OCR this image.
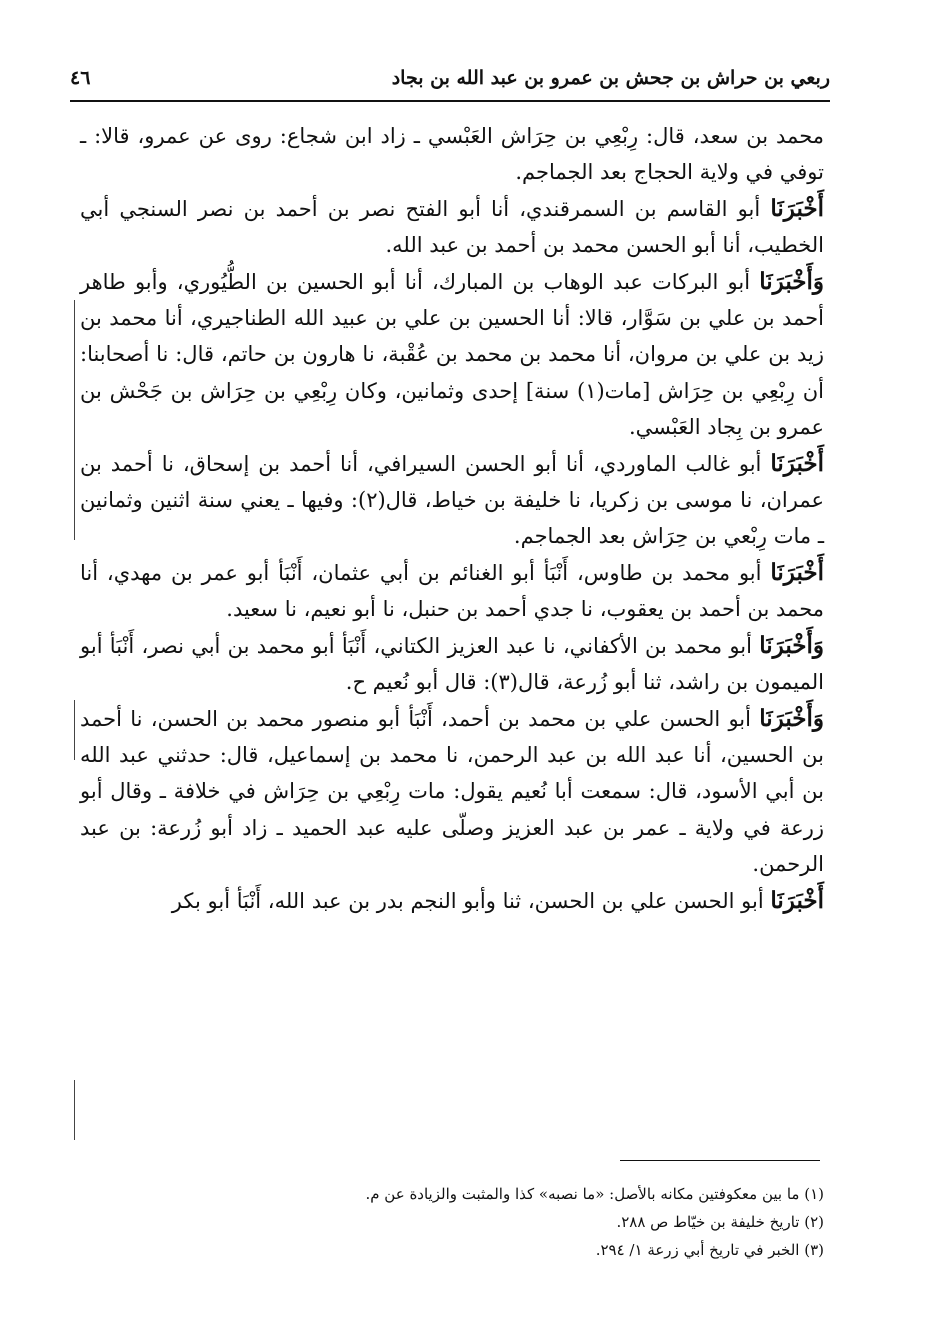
ربعي بن حراش بن جحش بن عمرو بن عبد الله بن بجاد
٤٦

محمد بن سعد، قال: رِبْعِي بن حِرَاش العَبْسي ـ زاد ابن شجاع: روى عن عمرو، قالا: ـ توفي في ولاية الحجاج بعد الجماجم.

أَخْبَرَنَا أبو القاسم بن السمرقندي، أنا أبو الفتح نصر بن أحمد بن نصر السنجي أبي الخطيب، أنا أبو الحسن محمد بن أحمد بن عبد الله.

وَأَخْبَرَنَا أبو البركات عبد الوهاب بن المبارك، أنا أبو الحسين بن الطُّيُوري، وأبو طاهر أحمد بن علي بن سَوَّار، قالا: أنا الحسين بن علي بن عبيد الله الطناجيري، أنا محمد بن زيد بن علي بن مروان، أنا محمد بن محمد بن عُقْبة، نا هارون بن حاتم، قال: نا أصحابنا: أن رِبْعِي بن حِرَاش [مات(١) سنة] إحدى وثمانين، وكان رِبْعِي بن حِرَاش بن جَحْش بن عمرو بن بِجاد العَبْسي.

أَخْبَرَنَا أبو غالب الماوردي، أنا أبو الحسن السيرافي، أنا أحمد بن إسحاق، نا أحمد بن عمران، نا موسى بن زكريا، نا خليفة بن خياط، قال(٢): وفيها ـ يعني سنة اثنين وثمانين ـ مات رِبْعي بن حِرَاش بعد الجماجم.

أَخْبَرَنَا أبو محمد بن طاوس، أَنْبَأ أبو الغنائم بن أبي عثمان، أَنْبَأ أبو عمر بن مهدي، أنا محمد بن أحمد بن يعقوب، نا جدي أحمد بن حنبل، نا أبو نعيم، نا سعيد.

وَأَخْبَرَنَا أبو محمد بن الأكفاني، نا عبد العزيز الكتاني، أَنْبَأ أبو محمد بن أبي نصر، أَنْبَأ أبو الميمون بن راشد، ثنا أبو زُرعة، قال(٣): قال أبو نُعيم ح.

وَأَخْبَرَنَا أبو الحسن علي بن محمد بن أحمد، أَنْبَأ أبو منصور محمد بن الحسن، نا أحمد بن الحسين، أنا عبد الله بن عبد الرحمن، نا محمد بن إسماعيل، قال: حدثني عبد الله بن أبي الأسود، قال: سمعت أبا نُعيم يقول: مات رِبْعِي بن حِرَاش في خلافة ـ وقال أبو زرعة في ولاية ـ عمر بن عبد العزيز وصلّى عليه عبد الحميد ـ زاد أبو زُرعة: بن عبد الرحمن.

أَخْبَرَنَا أبو الحسن علي بن الحسن، ثنا وأبو النجم بدر بن عبد الله، أَنْبَأ أبو بكر

(١) ما بين معكوفتين مكانه بالأصل: «ما نصبه» كذا والمثبت والزيادة عن م.

(٢) تاريخ خليفة بن خيّاط ص ٢٨٨.

(٣) الخبر في تاريخ أبي زرعة ١/ ٢٩٤.
